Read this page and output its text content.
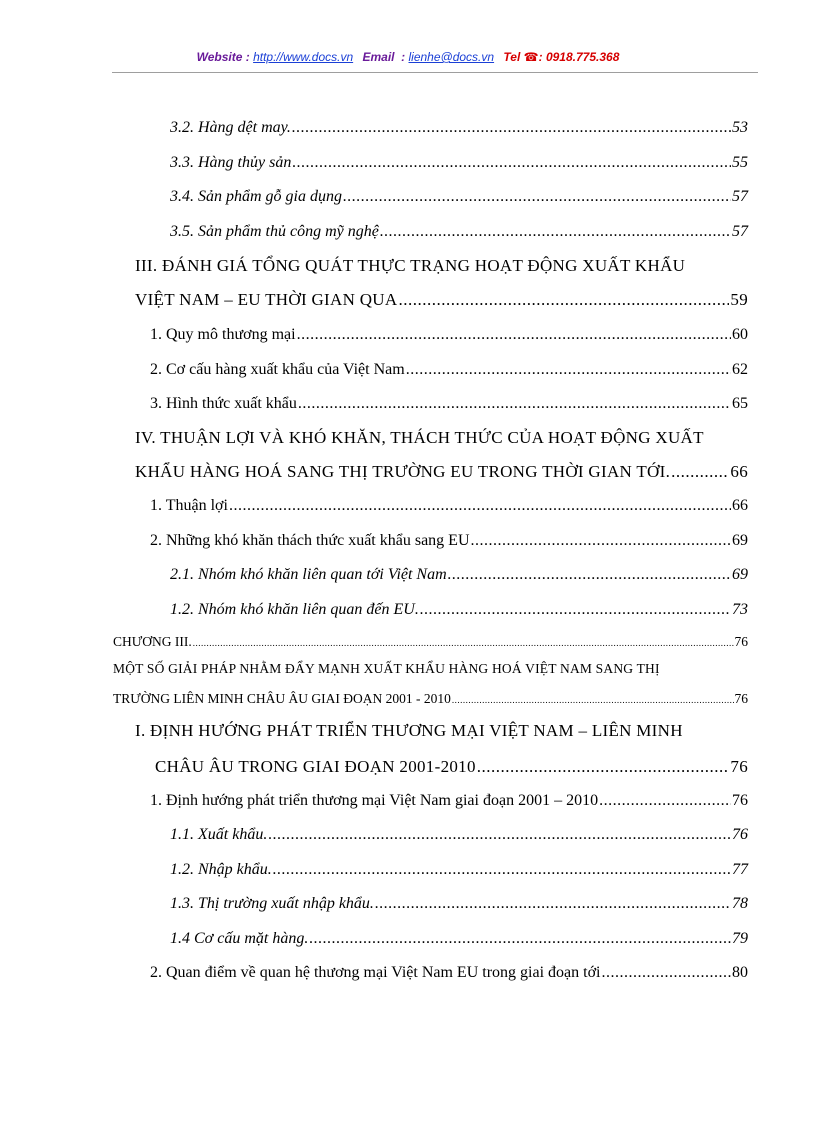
Website : http://www.docs.vn Email  : lienhe@docs.vn Tel ☎: 0918.775.368
3.2. Hàng dệt may. .....	53
3.3. Hàng thủy sản .....	55
3.4. Sản phẩm gỗ gia dụng .....	57
3.5. Sản phẩm thủ công mỹ nghệ .....	57
III. ĐÁNH GIÁ TỔNG QUÁT THỰC TRẠNG HOẠT ĐỘNG XUẤT KHẨU
VIỆT NAM – EU THỜI GIAN QUA .....	59
1. Quy mô thương mại .....	60
2. Cơ cấu hàng xuất khẩu của Việt Nam .....	62
3. Hình thức xuất khẩu .....	65
IV. THUẬN LỢI VÀ KHÓ KHĂN, THÁCH THỨC CỦA HOẠT ĐỘNG XUẤT
KHẨU HÀNG HOÁ SANG THỊ TRƯỜNG EU TRONG THỜI GIAN TỚI. .....	66
1. Thuận lợi .....	66
2. Những khó khăn thách thức xuất khẩu sang EU .....	69
2.1. Nhóm khó khăn liên quan tới Việt Nam .....	69
1.2. Nhóm khó khăn liên quan đến EU. .....	73
CHƯƠNG III. .....	76
MỘT SỐ GIẢI PHÁP NHẰM ĐẨY MẠNH XUẤT KHẨU HÀNG HOÁ VIỆT NAM SANG THỊ
TRƯỜNG LIÊN MINH CHÂU ÂU GIAI ĐOẠN 2001 - 2010 .....	76
I. ĐỊNH HƯỚNG PHÁT TRIỂN THƯƠNG MẠI VIỆT NAM – LIÊN MINH
CHÂU ÂU TRONG GIAI ĐOẠN 2001-2010 .....	76
1. Định hướng phát triển thương mại Việt Nam giai đoạn 2001 – 2010 .....	76
1.1. Xuất khẩu. .....	76
1.2. Nhập khẩu. .....	77
1.3. Thị trường xuất nhập khẩu. .....	78
1.4 Cơ cấu mặt hàng. .....	79
2. Quan điểm về quan hệ thương mại Việt Nam EU trong giai đoạn tới .....	80
